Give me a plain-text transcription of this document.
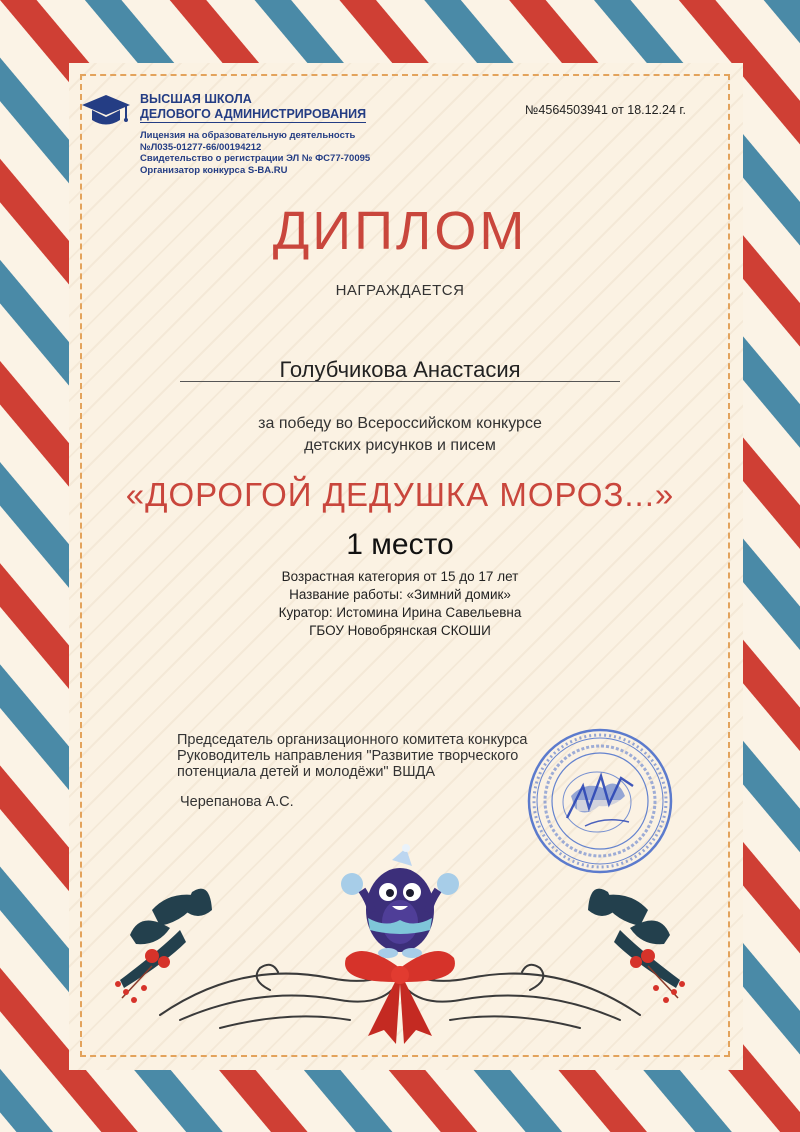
ВЫСШАЯ ШКОЛА
ДЕЛОВОГО АДМИНИСТРИРОВАНИЯ
Лицензия на образовательную деятельность
№Л035-01277-66/00194212
Свидетельство о регистрации ЭЛ № ФС77-70095
Организатор конкурса S-BA.RU
№4564503941 от 18.12.24 г.
ДИПЛОМ
НАГРАЖДАЕТСЯ
Голубчикова Анастасия
за победу во Всероссийском конкурсе
детских рисунков и писем
«ДОРОГОЙ ДЕДУШКА МОРОЗ...»
1 место
Возрастная категория от 15 до 17 лет
Название работы: «Зимний домик»
Куратор: Истомина Ирина Савельевна
ГБОУ Новобрянская СКОШИ
Председатель организационного комитета конкурса
Руководитель направления "Развитие творческого
потенциала детей и молодёжи" ВШДА
Черепанова А.С.
